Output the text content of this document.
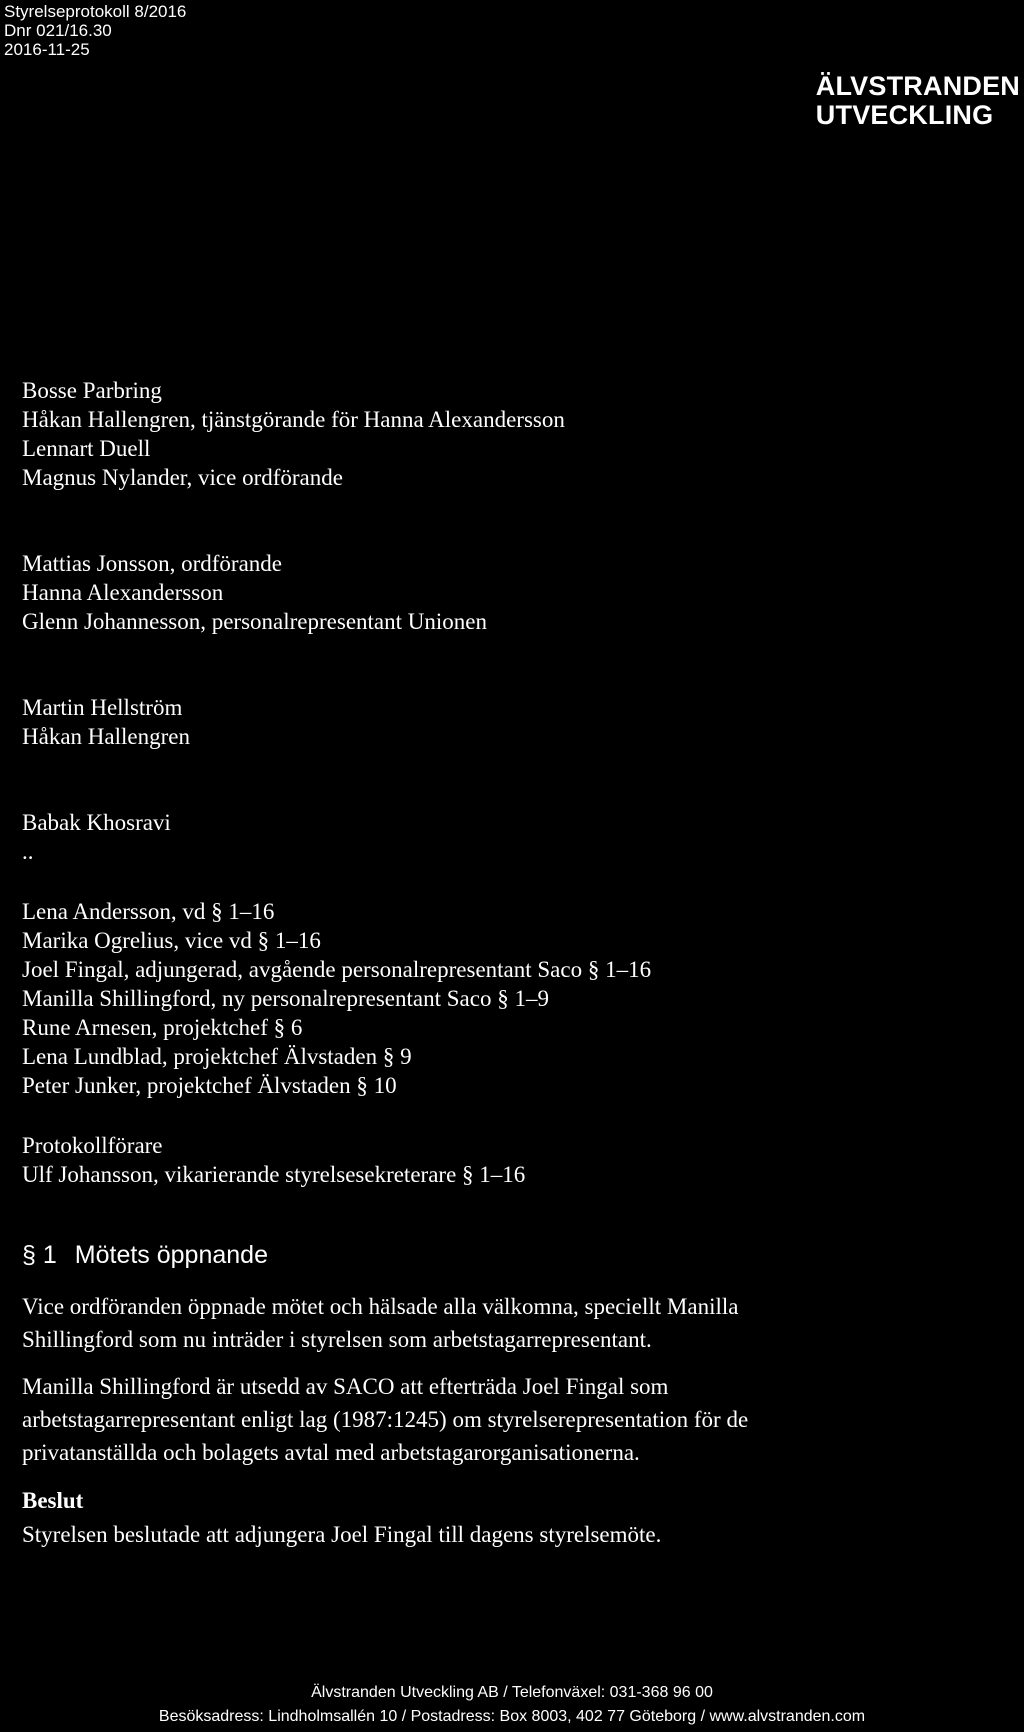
Styrelseprotokoll 8/2016
Dnr 021/16.30
2016-11-25
ÄLVSTRANDEN
UTVECKLING
Bosse Parbring
Håkan Hallengren, tjänstgörande för Hanna Alexandersson
Lennart Duell
Magnus Nylander, vice ordförande
Mattias Jonsson, ordförande
Hanna Alexandersson
Glenn Johannesson, personalrepresentant Unionen
Martin Hellström
Håkan Hallengren
Babak Khosravi
..
Lena Andersson, vd § 1–16
Marika Ogrelius, vice vd § 1–16
Joel Fingal, adjungerad, avgående personalrepresentant Saco § 1–16
Manilla Shillingford, ny personalrepresentant Saco § 1–9
Rune Arnesen, projektchef § 6
Lena Lundblad, projektchef Älvstaden § 9
Peter Junker, projektchef Älvstaden § 10
Protokollförare
Ulf Johansson, vikarierande styrelsesekreterare § 1–16
§ 1 Mötets öppnande
Vice ordföranden öppnade mötet och hälsade alla välkomna, speciellt Manilla
Shillingford som nu inträder i styrelsen som arbetstagarrepresentant.
Manilla Shillingford är utsedd av SACO att efterträda Joel Fingal som
arbetstagarrepresentant enligt lag (1987:1245) om styrelserepresentation för de
privatanställda och bolagets avtal med arbetstagarorganisationerna.
Beslut
Styrelsen beslutade att adjungera Joel Fingal till dagens styrelsemöte.
Älvstranden Utveckling AB / Telefonväxel: 031-368 96 00
Besöksadress: Lindholmsallén 10 / Postadress: Box 8003, 402 77 Göteborg / www.alvstranden.com
